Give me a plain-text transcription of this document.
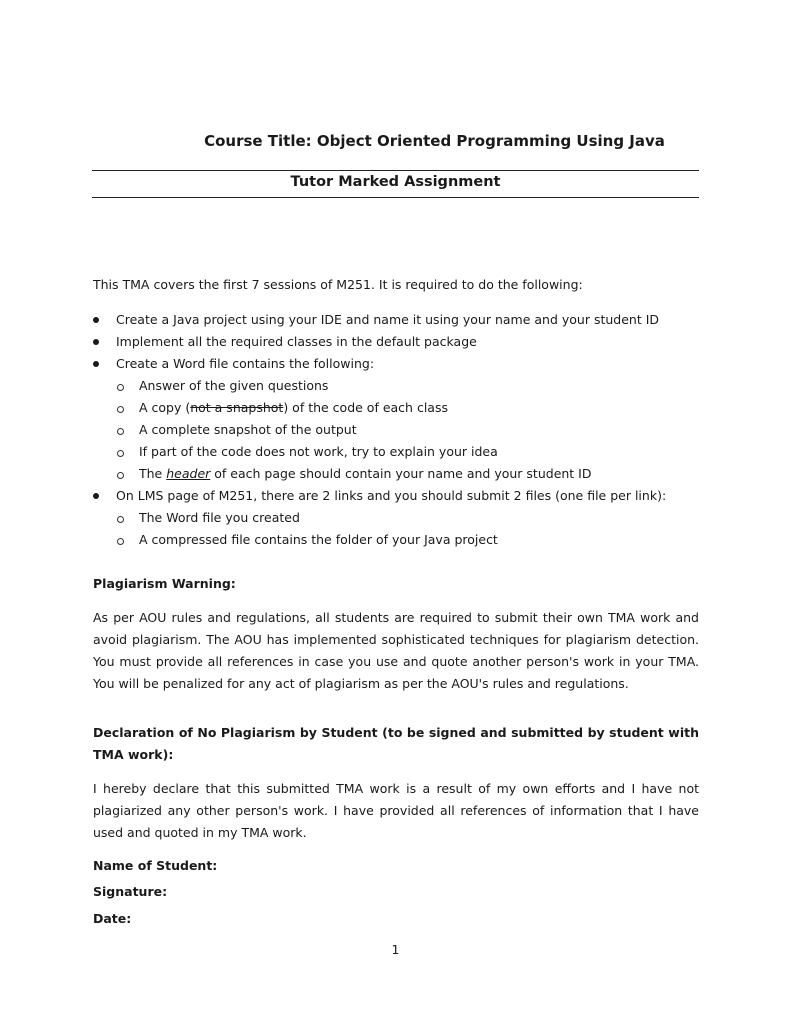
Course Title: Object Oriented Programming Using Java
Tutor Marked Assignment
This TMA covers the first 7 sessions of M251. It is required to do the following:
Create a Java project using your IDE and name it using your name and your student ID
Implement all the required classes in the default package
Create a Word file contains the following:
Answer of the given questions
A copy (not a snapshot) of the code of each class
A complete snapshot of the output
If part of the code does not work, try to explain your idea
The header of each page should contain your name and your student ID
On LMS page of M251, there are 2 links and you should submit 2 files (one file per link):
The Word file you created
A compressed file contains the folder of your Java project
Plagiarism Warning:
As per AOU rules and regulations, all students are required to submit their own TMA work and avoid plagiarism. The AOU has implemented sophisticated techniques for plagiarism detection. You must provide all references in case you use and quote another person's work in your TMA. You will be penalized for any act of plagiarism as per the AOU's rules and regulations.
Declaration of No Plagiarism by Student (to be signed and submitted by student with TMA work):
I hereby declare that this submitted TMA work is a result of my own efforts and I have not plagiarized any other person's work. I have provided all references of information that I have used and quoted in my TMA work.
Name of Student:
Signature:
Date:
1
